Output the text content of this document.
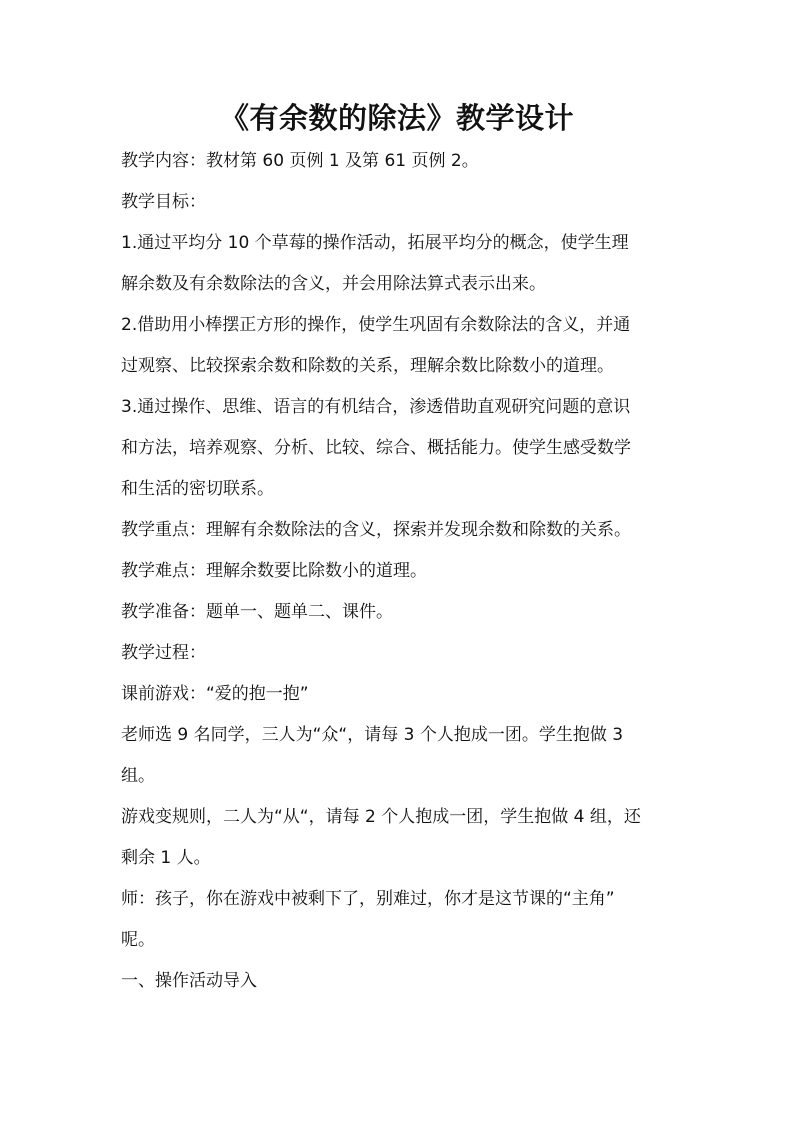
《有余数的除法》教学设计
教学内容：教材第 60 页例 1 及第 61 页例 2。
教学目标：
1.通过平均分 10 个草莓的操作活动，拓展平均分的概念，使学生理
解余数及有余数除法的含义，并会用除法算式表示出来。
2.借助用小棒摆正方形的操作，使学生巩固有余数除法的含义，并通
过观察、比较探索余数和除数的关系，理解余数比除数小的道理。
3.通过操作、思维、语言的有机结合，渗透借助直观研究问题的意识
和方法，培养观察、分析、比较、综合、概括能力。使学生感受数学
和生活的密切联系。
教学重点：理解有余数除法的含义，探索并发现余数和除数的关系。
教学难点：理解余数要比除数小的道理。
教学准备：题单一、题单二、课件。
教学过程：
课前游戏：“爱的抱一抱”
老师选 9 名同学，三人为“众“，请每 3 个人抱成一团。学生抱做 3
组。
游戏变规则，二人为“从“，请每 2 个人抱成一团，学生抱做 4 组，还
剩余 1 人。
师：孩子，你在游戏中被剩下了，别难过，你才是这节课的“主角”
呢。
一、操作活动导入
